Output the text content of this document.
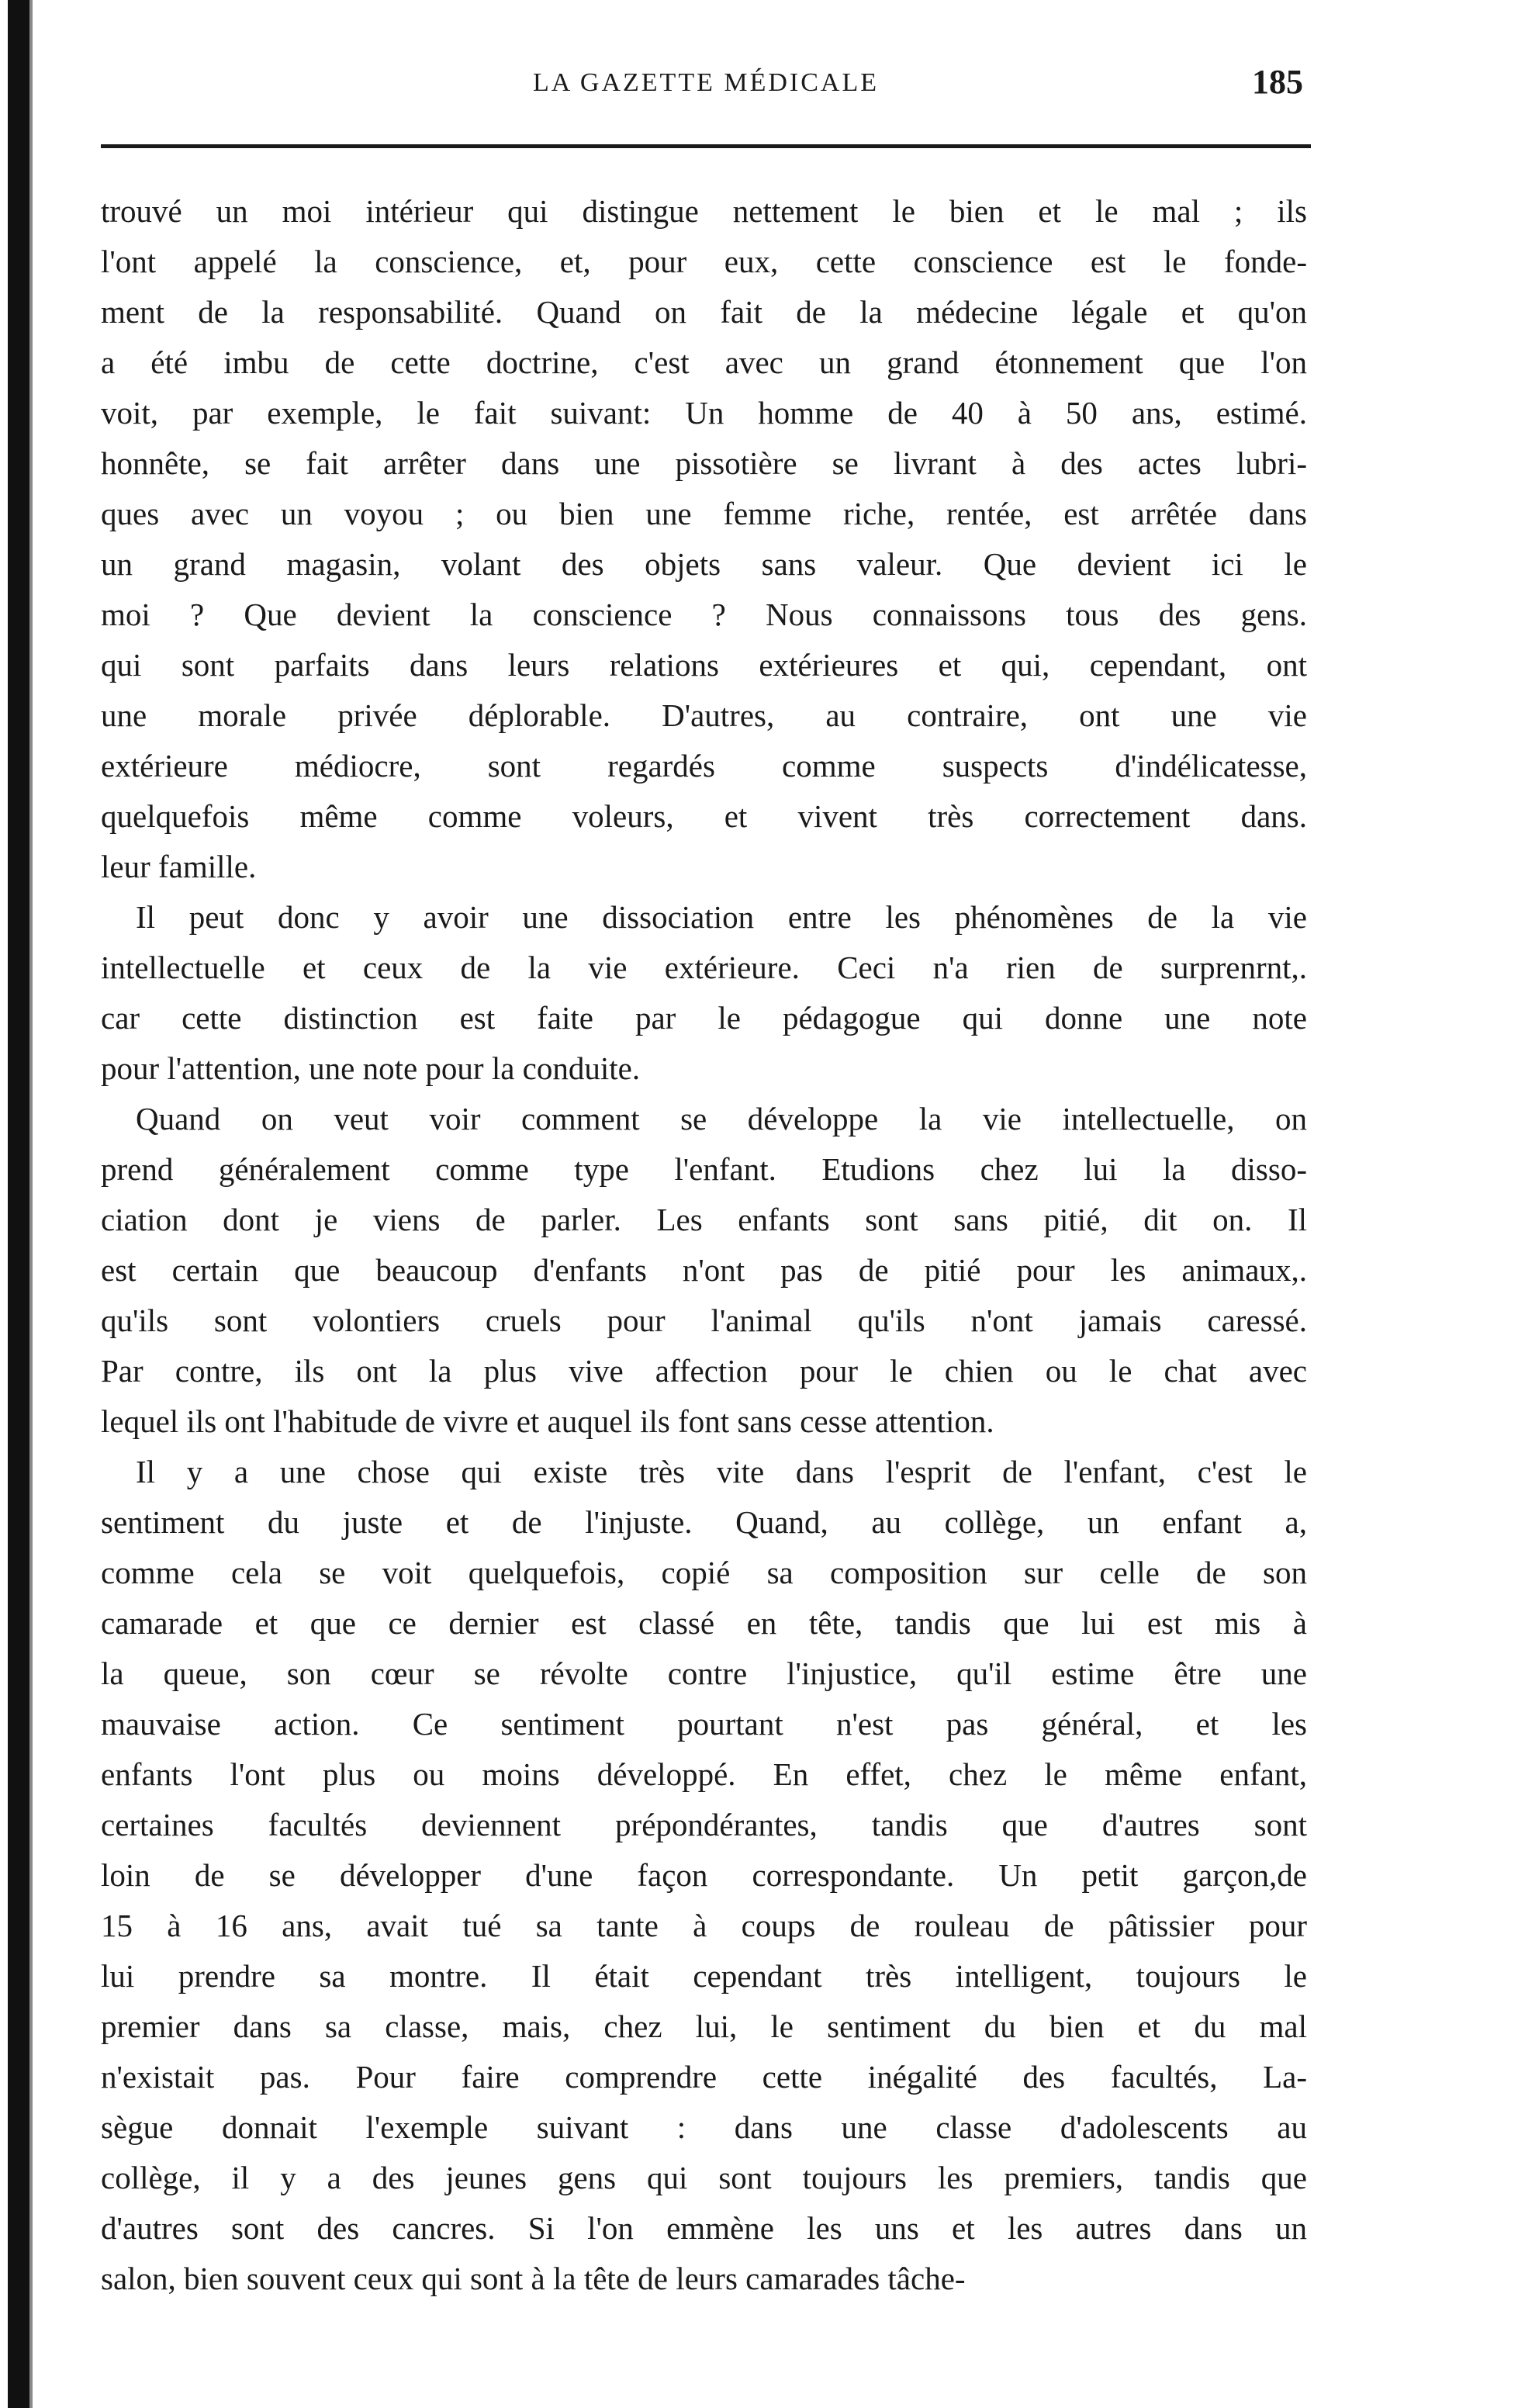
LA GAZETTE MÉDICALE	185
trouvé un moi intérieur qui distingue nettement le bien et le mal ; ils
l'ont appelé la conscience, et, pour eux, cette conscience est le fonde-
ment de la responsabilité. Quand on fait de la médecine légale et qu'on
a été imbu de cette doctrine, c'est avec un grand étonnement que l'on
voit, par exemple, le fait suivant: Un homme de 40 à 50 ans, estimé.
honnête, se fait arrêter dans une pissotière se livrant à des actes lubri-
ques avec un voyou ; ou bien une femme riche, rentée, est arrêtée dans
un grand magasin, volant des objets sans valeur. Que devient ici le
moi ? Que devient la conscience ? Nous connaissons tous des gens.
qui sont parfaits dans leurs relations extérieures et qui, cependant, ont
une morale privée déplorable. D'autres, au contraire, ont une vie
extérieure médiocre, sont regardés comme suspects d'indélicatesse,
quelquefois même comme voleurs, et vivent très correctement dans.
leur famille.
Il peut donc y avoir une dissociation entre les phénomènes de la vie
intellectuelle et ceux de la vie extérieure. Ceci n'a rien de surprenrnt,.
car cette distinction est faite par le pédagogue qui donne une note
pour l'attention, une note pour la conduite.
Quand on veut voir comment se développe la vie intellectuelle, on
prend généralement comme type l'enfant. Etudions chez lui la disso-
ciation dont je viens de parler. Les enfants sont sans pitié, dit on. Il
est certain que beaucoup d'enfants n'ont pas de pitié pour les animaux,.
qu'ils sont volontiers cruels pour l'animal qu'ils n'ont jamais caressé.
Par contre, ils ont la plus vive affection pour le chien ou le chat avec
lequel ils ont l'habitude de vivre et auquel ils font sans cesse attention.
Il y a une chose qui existe très vite dans l'esprit de l'enfant, c'est le
sentiment du juste et de l'injuste. Quand, au collège, un enfant a,
comme cela se voit quelquefois, copié sa composition sur celle de son
camarade et que ce dernier est classé en tête, tandis que lui est mis à
la queue, son cœur se révolte contre l'injustice, qu'il estime être une
mauvaise action. Ce sentiment pourtant n'est pas général, et les
enfants l'ont plus ou moins développé. En effet, chez le même enfant,
certaines facultés deviennent prépondérantes, tandis que d'autres sont
loin de se développer d'une façon correspondante. Un petit garçon,de
15 à 16 ans, avait tué sa tante à coups de rouleau de pâtissier pour
lui prendre sa montre. Il était cependant très intelligent, toujours le
premier dans sa classe, mais, chez lui, le sentiment du bien et du mal
n'existait pas. Pour faire comprendre cette inégalité des facultés, La-
sègue donnait l'exemple suivant : dans une classe d'adolescents au
collège, il y a des jeunes gens qui sont toujours les premiers, tandis que
d'autres sont des cancres. Si l'on emmène les uns et les autres dans un
salon, bien souvent ceux qui sont à la tête de leurs camarades tâche-
